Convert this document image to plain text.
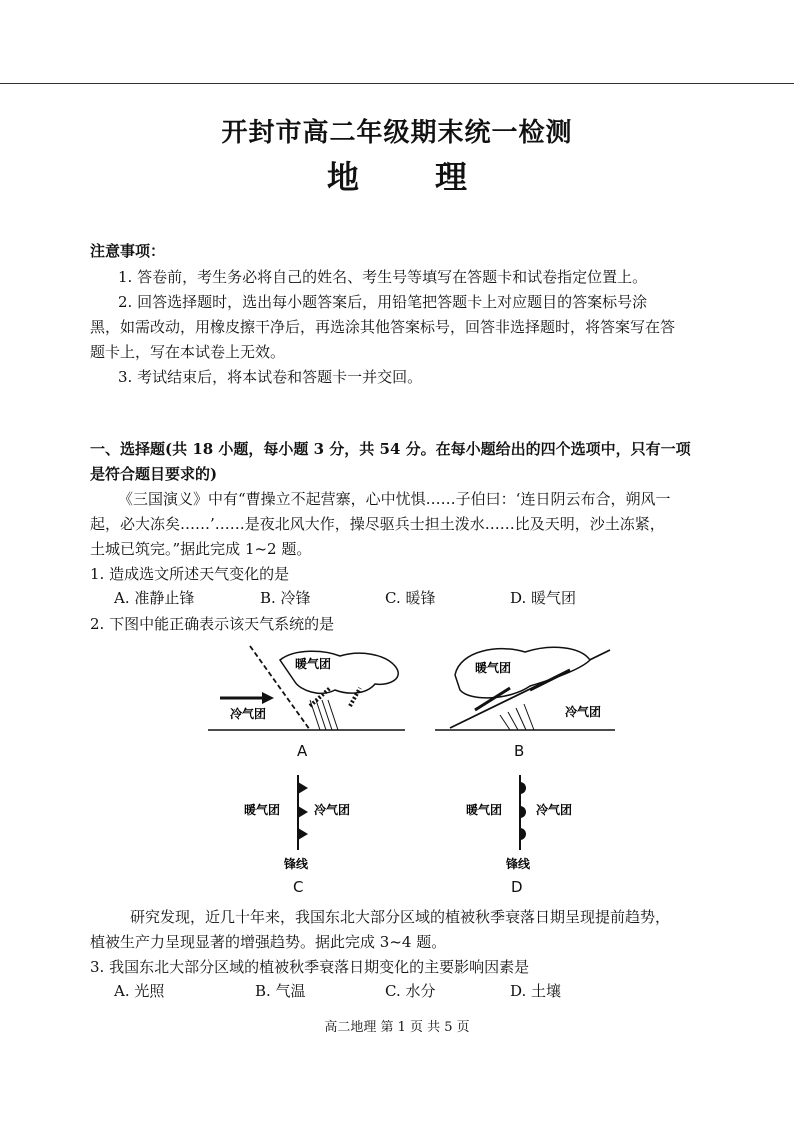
开封市高二年级期末统一检测
地　理
注意事项：
1. 答卷前，考生务必将自己的姓名、考生号等填写在答题卡和试卷指定位置上。
2. 回答选择题时，选出每小题答案后，用铅笔把答题卡上对应题目的答案标号涂
黑，如需改动，用橡皮擦干净后，再选涂其他答案标号，回答非选择题时，将答案写在答
题卡上，写在本试卷上无效。
3. 考试结束后，将本试卷和答题卡一并交回。
一、选择题(共 18 小题，每小题 3 分，共 54 分。在每小题给出的四个选项中，只有一项
是符合题目要求的)
《三国演义》中有“曹操立不起营寨，心中忧惧……子伯曰：‘连日阴云布合，朔风一
起，必大冻矣……’……是夜北风大作，操尽驱兵士担土泼水……比及天明，沙土冻紧，
土城已筑完。”据此完成 1~2 题。
1. 造成选文所述天气变化的是
A. 准静止锋	B. 冷锋	C. 暖锋	D. 暖气团
2. 下图中能正确表示该天气系统的是
暖气团
冷气团
A
暖气团
冷气团
B
暖气团	冷气团
锋线
C
暖气团	冷气团
锋线
D
研究发现，近几十年来，我国东北大部分区域的植被秋季衰落日期呈现提前趋势，
植被生产力呈现显著的增强趋势。据此完成 3~4 题。
3. 我国东北大部分区域的植被秋季衰落日期变化的主要影响因素是
A. 光照	B. 气温	C. 水分	D. 土壤
高二地理 第 1 页 共 5 页
